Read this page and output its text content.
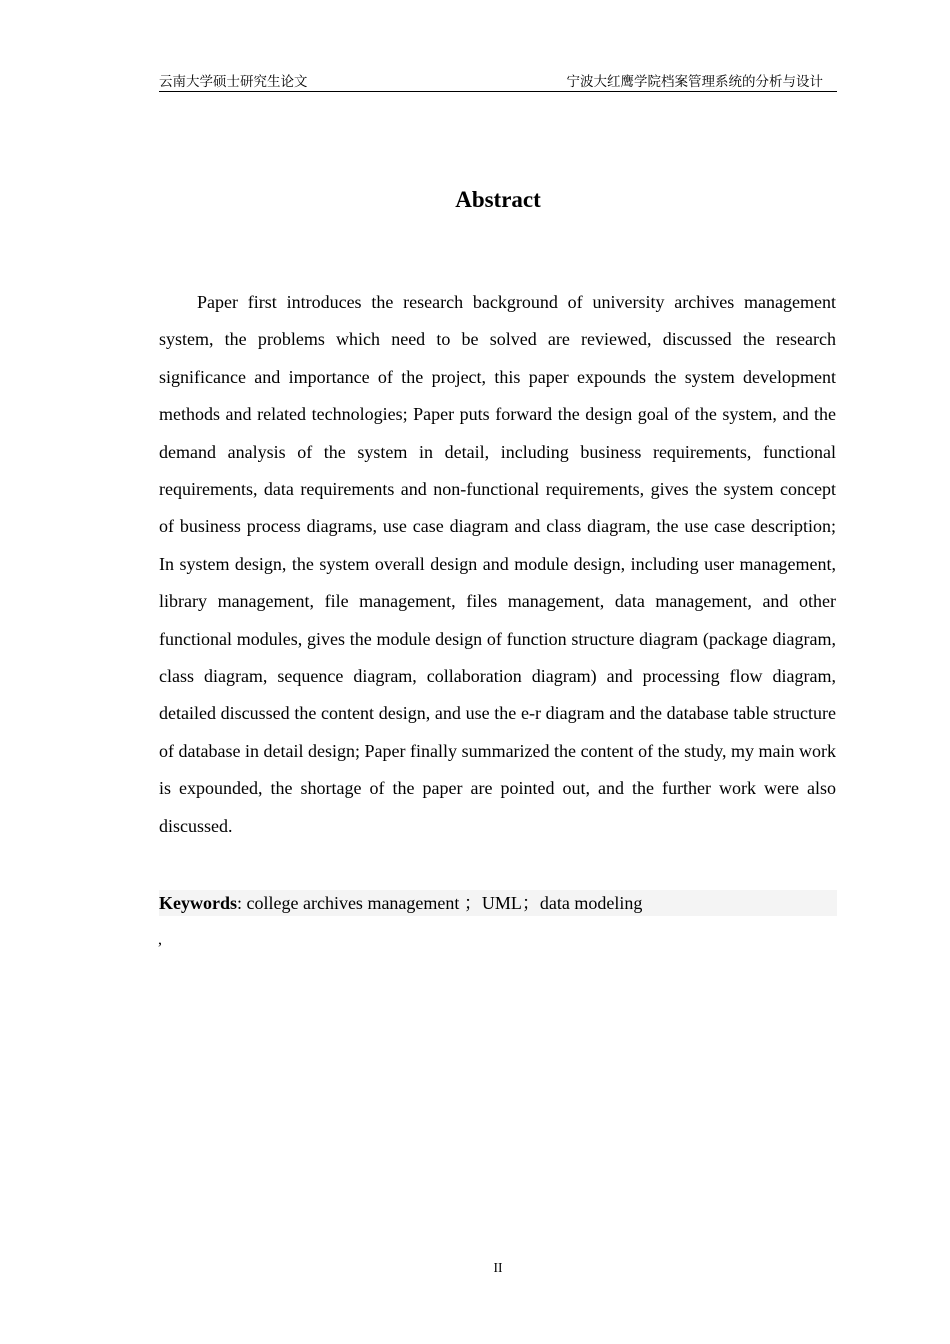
云南大学硕士研究生论文	宁波大红鹰学院档案管理系统的分析与设计
Abstract

Paper first introduces the research background of university archives management system, the problems which need to be solved are reviewed, discussed the research significance and importance of the project, this paper expounds the system development methods and related technologies; Paper puts forward the design goal of the system, and the demand analysis of the system in detail, including business requirements, functional requirements, data requirements and non-functional requirements, gives the system concept of business process diagrams, use case diagram and class diagram, the use case description; In system design, the system overall design and module design, including user management, library management, file management, files management, data management, and other functional modules, gives the module design of function structure diagram (package diagram, class diagram, sequence diagram, collaboration diagram) and processing flow diagram, detailed discussed the content design, and use the e-r diagram and the database table structure of database in detail design; Paper finally summarized the content of the study, my main work is expounded, the shortage of the paper are pointed out, and the further work were also discussed.

Keywords: college archives management ；UML；data modeling
,
II
